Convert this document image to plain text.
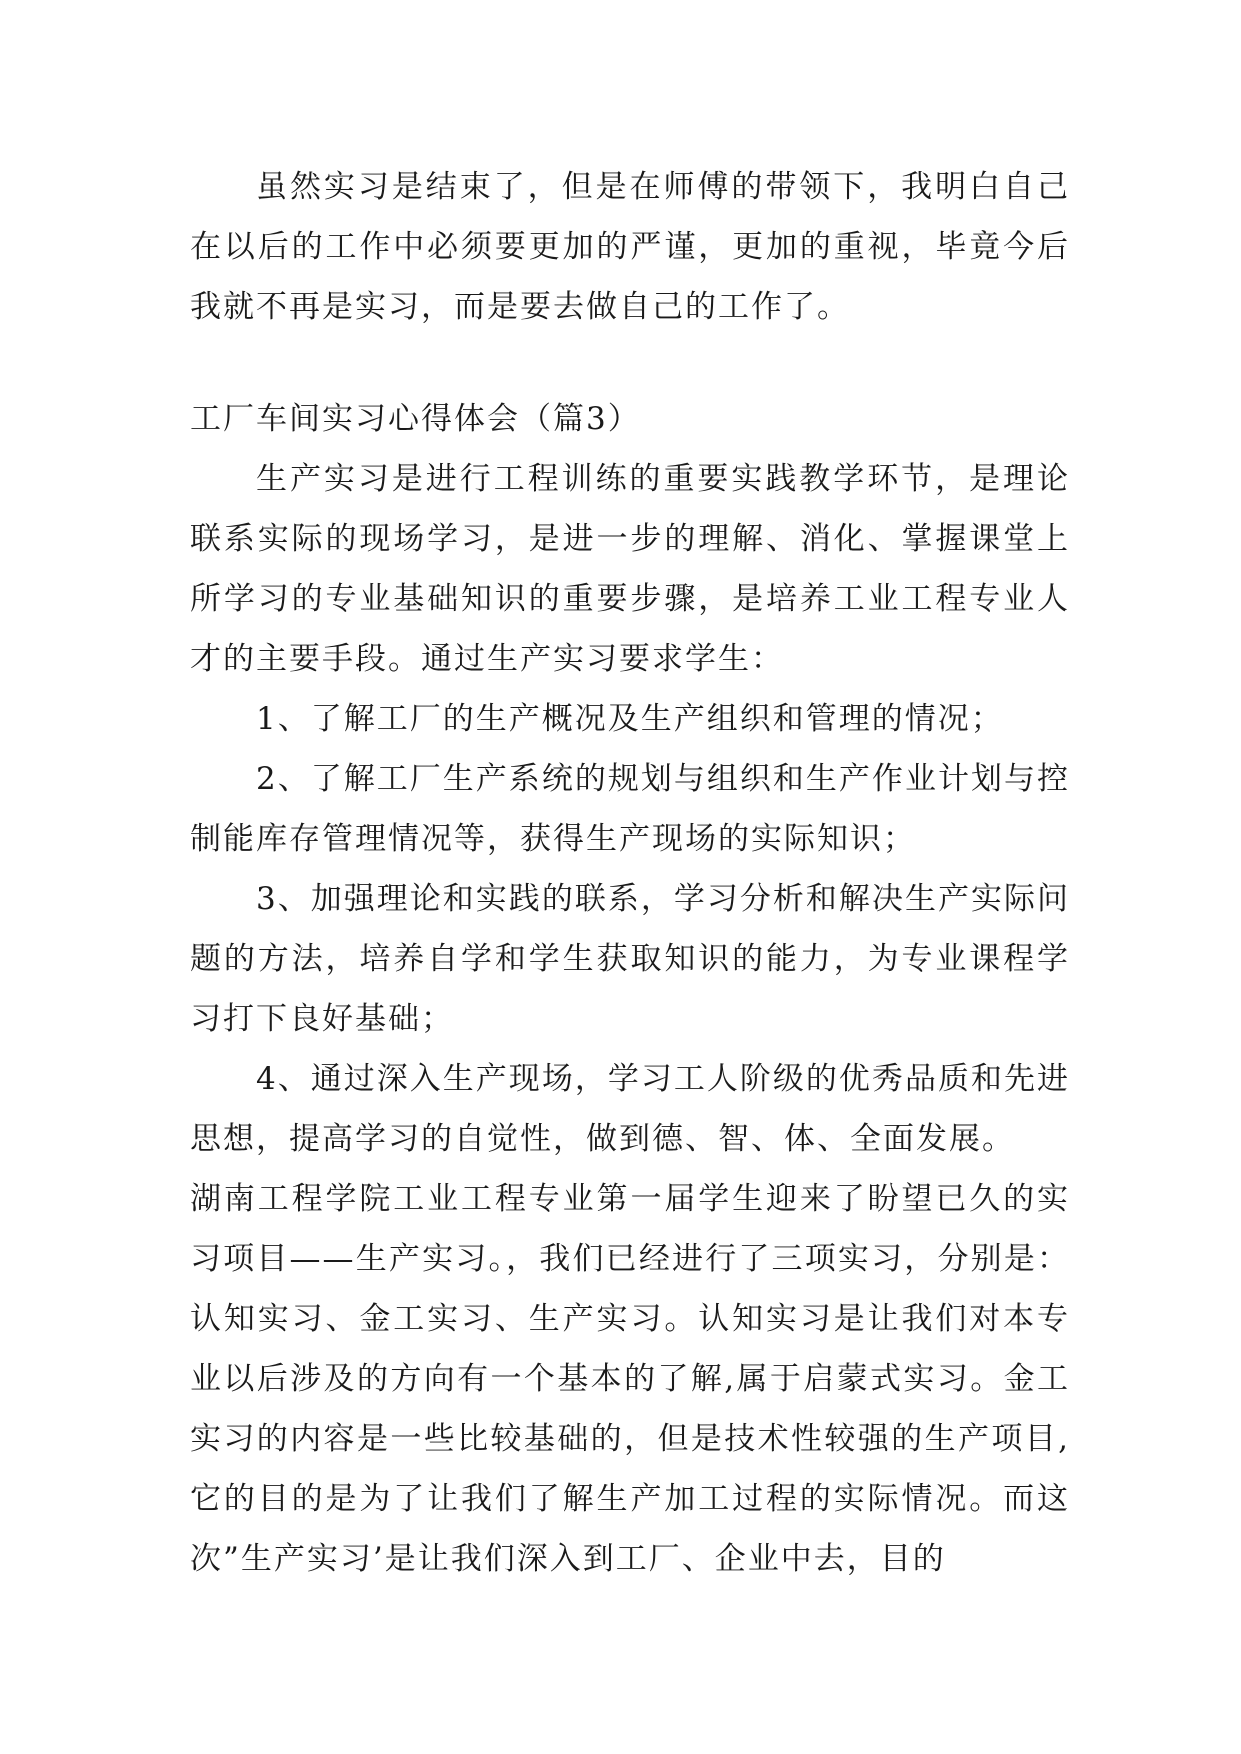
虽然实习是结束了，但是在师傅的带领下，我明白自己在以后的工作中必须要更加的严谨，更加的重视，毕竟今后我就不再是实习，而是要去做自己的工作了。

工厂车间实习心得体会（篇3）

生产实习是进行工程训练的重要实践教学环节，是理论联系实际的现场学习，是进一步的理解、消化、掌握课堂上所学习的专业基础知识的重要步骤，是培养工业工程专业人才的主要手段。通过生产实习要求学生：

1、了解工厂的生产概况及生产组织和管理的情况；

2、了解工厂生产系统的规划与组织和生产作业计划与控制能库存管理情况等，获得生产现场的实际知识；

3、加强理论和实践的联系，学习分析和解决生产实际问题的方法，培养自学和学生获取知识的能力，为专业课程学习打下良好基础；

4、通过深入生产现场，学习工人阶级的优秀品质和先进思想，提高学习的自觉性，做到德、智、体、全面发展。

湖南工程学院工业工程专业第一届学生迎来了盼望已久的实习项目——生产实习。，我们已经进行了三项实习，分别是：认知实习、金工实习、生产实习。认知实习是让我们对本专业以后涉及的方向有一个基本的了解,属于启蒙式实习。金工实习的内容是一些比较基础的，但是技术性较强的生产项目,它的目的是为了让我们了解生产加工过程的实际情况。而这次”生产实习’是让我们深入到工厂、企业中去，目的
